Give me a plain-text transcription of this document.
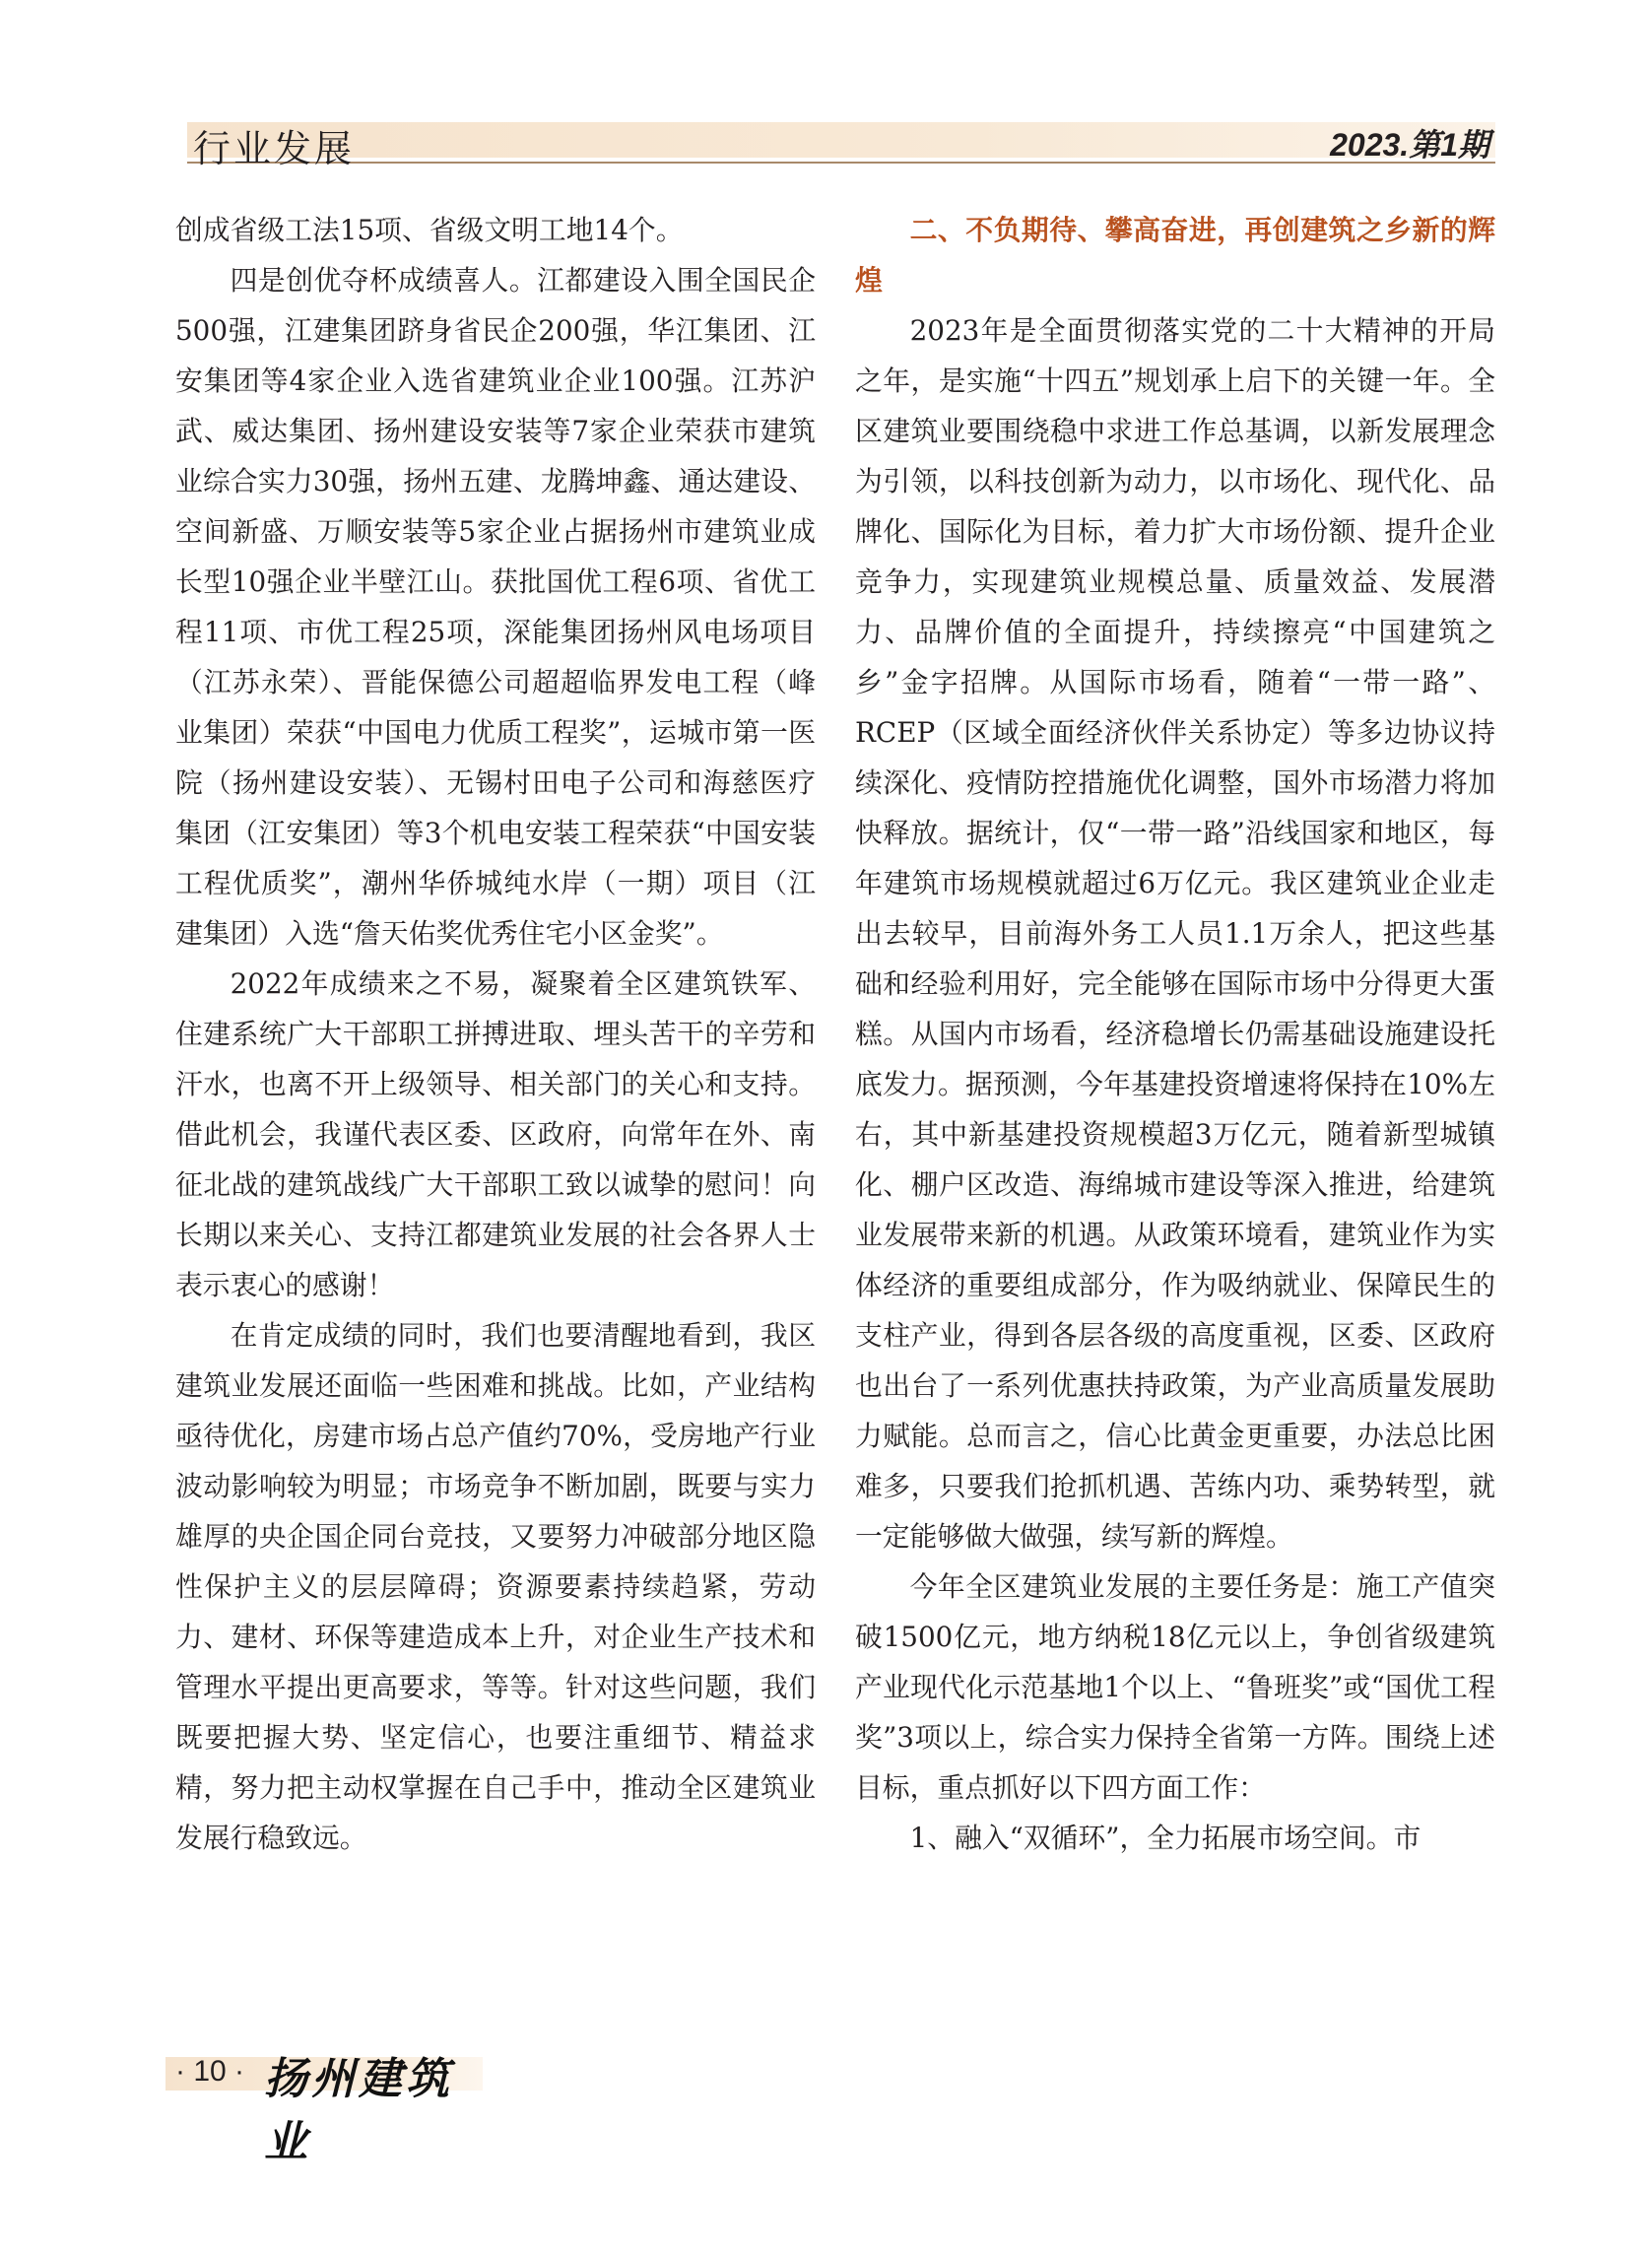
行业发展	2023.第1期

创成省级工法15项、省级文明工地14个。

四是创优夺杯成绩喜人。江都建设入围全国民企500强，江建集团跻身省民企200强，华江集团、江安集团等4家企业入选省建筑业企业100强。江苏沪武、威达集团、扬州建设安装等7家企业荣获市建筑业综合实力30强，扬州五建、龙腾坤鑫、通达建设、空间新盛、万顺安装等5家企业占据扬州市建筑业成长型10强企业半壁江山。获批国优工程6项、省优工程11项、市优工程25项，深能集团扬州风电场项目（江苏永荣）、晋能保德公司超超临界发电工程（峰业集团）荣获“中国电力优质工程奖”，运城市第一医院（扬州建设安装）、无锡村田电子公司和海慈医疗集团（江安集团）等3个机电安装工程荣获“中国安装工程优质奖”，潮州华侨城纯水岸（一期）项目（江建集团）入选“詹天佑奖优秀住宅小区金奖”。

2022年成绩来之不易，凝聚着全区建筑铁军、住建系统广大干部职工拼搏进取、埋头苦干的辛劳和汗水，也离不开上级领导、相关部门的关心和支持。借此机会，我谨代表区委、区政府，向常年在外、南征北战的建筑战线广大干部职工致以诚挚的慰问！向长期以来关心、支持江都建筑业发展的社会各界人士表示衷心的感谢！

在肯定成绩的同时，我们也要清醒地看到，我区建筑业发展还面临一些困难和挑战。比如，产业结构亟待优化，房建市场占总产值约70%，受房地产行业波动影响较为明显；市场竞争不断加剧，既要与实力雄厚的央企国企同台竞技，又要努力冲破部分地区隐性保护主义的层层障碍；资源要素持续趋紧，劳动力、建材、环保等建造成本上升，对企业生产技术和管理水平提出更高要求，等等。针对这些问题，我们既要把握大势、坚定信心，也要注重细节、精益求精，努力把主动权掌握在自己手中，推动全区建筑业发展行稳致远。

二、不负期待、攀高奋进，再创建筑之乡新的辉煌

2023年是全面贯彻落实党的二十大精神的开局之年，是实施“十四五”规划承上启下的关键一年。全区建筑业要围绕稳中求进工作总基调，以新发展理念为引领，以科技创新为动力，以市场化、现代化、品牌化、国际化为目标，着力扩大市场份额、提升企业竞争力，实现建筑业规模总量、质量效益、发展潜力、品牌价值的全面提升，持续擦亮“中国建筑之乡”金字招牌。从国际市场看，随着“一带一路”、RCEP（区域全面经济伙伴关系协定）等多边协议持续深化、疫情防控措施优化调整，国外市场潜力将加快释放。据统计，仅“一带一路”沿线国家和地区，每年建筑市场规模就超过6万亿元。我区建筑业企业走出去较早，目前海外务工人员1.1万余人，把这些基础和经验利用好，完全能够在国际市场中分得更大蛋糕。从国内市场看，经济稳增长仍需基础设施建设托底发力。据预测，今年基建投资增速将保持在10%左右，其中新基建投资规模超3万亿元，随着新型城镇化、棚户区改造、海绵城市建设等深入推进，给建筑业发展带来新的机遇。从政策环境看，建筑业作为实体经济的重要组成部分，作为吸纳就业、保障民生的支柱产业，得到各层各级的高度重视，区委、区政府也出台了一系列优惠扶持政策，为产业高质量发展助力赋能。总而言之，信心比黄金更重要，办法总比困难多，只要我们抢抓机遇、苦练内功、乘势转型，就一定能够做大做强，续写新的辉煌。

今年全区建筑业发展的主要任务是：施工产值突破1500亿元，地方纳税18亿元以上，争创省级建筑产业现代化示范基地1个以上、“鲁班奖”或“国优工程奖”3项以上，综合实力保持全省第一方阵。围绕上述目标，重点抓好以下四方面工作：

1、融入“双循环”，全力拓展市场空间。市

· 10 · 扬州建筑业
